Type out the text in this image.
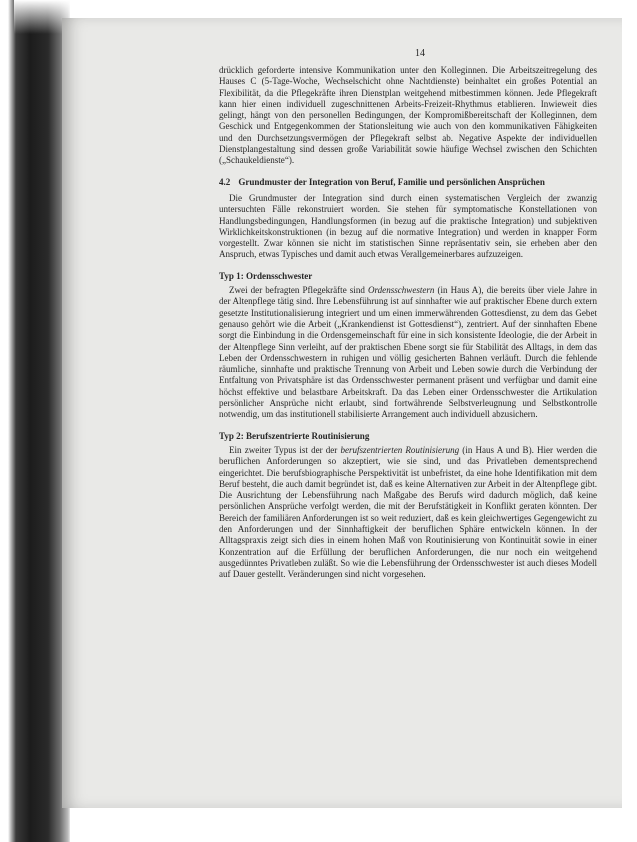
14

drücklich geforderte intensive Kommunikation unter den Kolleginnen. Die Arbeitszeitregelung des Hauses C (5-Tage-Woche, Wechselschicht ohne Nachtdienste) beinhaltet ein großes Potential an Flexibilität, da die Pflegekräfte ihren Dienstplan weitgehend mitbestimmen können. Jede Pflegekraft kann hier einen individuell zugeschnittenen Arbeits-Freizeit-Rhythmus etablieren. Inwieweit dies gelingt, hängt von den personellen Bedingungen, der Kompromißbereitschaft der Kolleginnen, dem Geschick und Entgegenkommen der Stationsleitung wie auch von den kommunikativen Fähigkeiten und den Durchsetzungsvermögen der Pflegekraft selbst ab. Negative Aspekte der individuellen Dienstplangestaltung sind dessen große Variabilität sowie häufige Wechsel zwischen den Schichten („Schaukeldienste“).

4.2 Grundmuster der Integration von Beruf, Familie und persönlichen Ansprüchen

Die Grundmuster der Integration sind durch einen systematischen Vergleich der zwanzig untersuchten Fälle rekonstruiert worden. Sie stehen für symptomatische Konstellationen von Handlungsbedingungen, Handlungsformen (in bezug auf die praktische Integration) und subjektiven Wirklichkeitskonstruktionen (in bezug auf die normative Integration) und werden in knapper Form vorgestellt. Zwar können sie nicht im statistischen Sinne repräsentativ sein, sie erheben aber den Anspruch, etwas Typisches und damit auch etwas Verallgemeinerbares aufzuzeigen.

Typ 1: Ordensschwester

Zwei der befragten Pflegekräfte sind Ordensschwestern (in Haus A), die bereits über viele Jahre in der Altenpflege tätig sind. Ihre Lebensführung ist auf sinnhafter wie auf praktischer Ebene durch extern gesetzte Institutionalisierung integriert und um einen immerwährenden Gottesdienst, zu dem das Gebet genauso gehört wie die Arbeit („Krankendienst ist Gottesdienst“), zentriert. Auf der sinnhaften Ebene sorgt die Einbindung in die Ordensgemeinschaft für eine in sich konsistente Ideologie, die der Arbeit in der Altenpflege Sinn verleiht, auf der praktischen Ebene sorgt sie für Stabilität des Alltags, in dem das Leben der Ordensschwestern in ruhigen und völlig gesicherten Bahnen verläuft. Durch die fehlende räumliche, sinnhafte und praktische Trennung von Arbeit und Leben sowie durch die Verbindung der Entfaltung von Privatsphäre ist das Ordensschwester permanent präsent und verfügbar und damit eine höchst effektive und belastbare Arbeitskraft. Da das Leben einer Ordensschwester die Artikulation persönlicher Ansprüche nicht erlaubt, sind fortwährende Selbstverleugnung und Selbstkontrolle notwendig, um das institutionell stabilisierte Arrangement auch individuell abzusichern.

Typ 2: Berufszentrierte Routinisierung

Ein zweiter Typus ist der der berufszentrierten Routinisierung (in Haus A und B). Hier werden die beruflichen Anforderungen so akzeptiert, wie sie sind, und das Privatleben dementsprechend eingerichtet. Die berufsbiographische Perspektivität ist unbefristet, da eine hohe Identifikation mit dem Beruf besteht, die auch damit begründet ist, daß es keine Alternativen zur Arbeit in der Altenpflege gibt. Die Ausrichtung der Lebensführung nach Maßgabe des Berufs wird dadurch möglich, daß keine persönlichen Ansprüche verfolgt werden, die mit der Berufstätigkeit in Konflikt geraten könnten. Der Bereich der familiären Anforderungen ist so weit reduziert, daß es kein gleichwertiges Gegengewicht zu den Anforderungen und der Sinnhaftigkeit der beruflichen Sphäre entwickeln können. In der Alltagspraxis zeigt sich dies in einem hohen Maß von Routinisierung von Kontinuität sowie in einer Konzentration auf die Erfüllung der beruflichen Anforderungen, die nur noch ein weitgehend ausgedünntes Privatleben zuläßt. So wie die Lebensführung der Ordensschwester ist auch dieses Modell auf Dauer gestellt. Veränderungen sind nicht vorgesehen.
